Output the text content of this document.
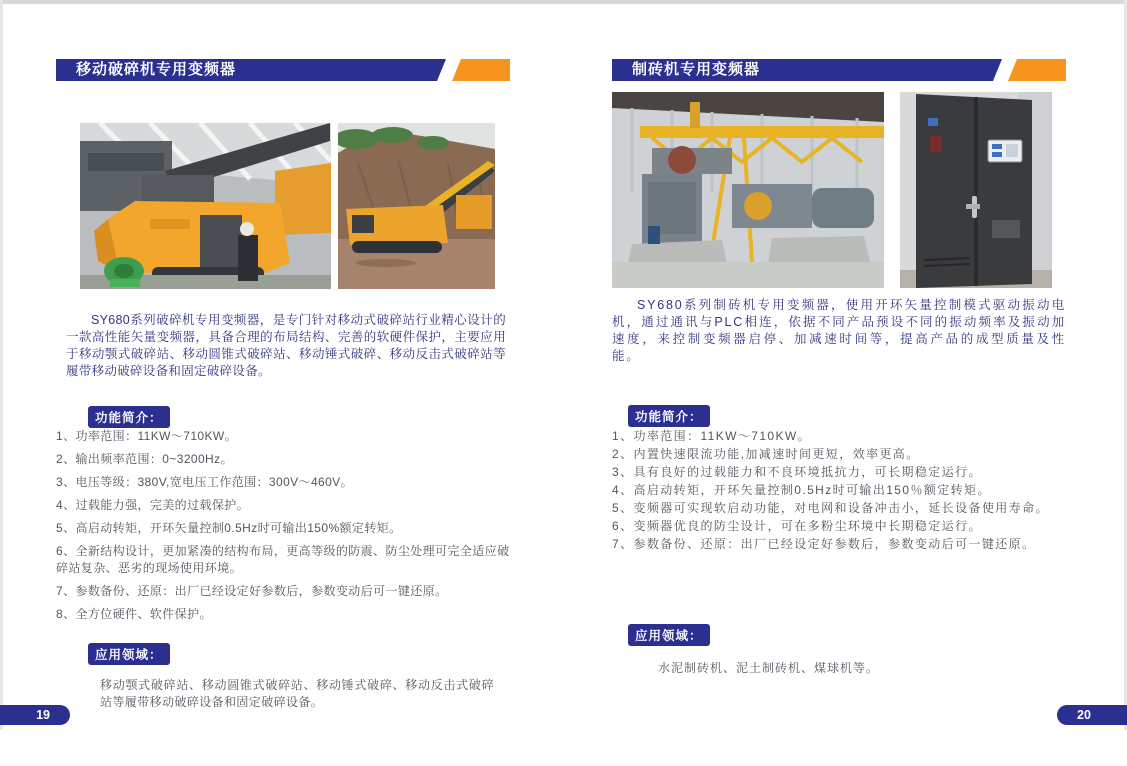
移动破碎机专用变频器

SY680系列破碎机专用变频器，是专门针对移动式破碎站行业精心设计的一款高性能矢量变频器，具备合理的布局结构、完善的软硬件保护，主要应用于移动颚式破碎站、移动圆锥式破碎站、移动锤式破碎、移动反击式破碎站等履带移动破碎设备和固定破碎设备。

功能简介：
1、功率范围：11KW～710KW。
2、输出频率范围：0~3200Hz。
3、电压等级：380V,宽电压工作范围：300V～460V。
4、过载能力强，完美的过载保护。
5、高启动转矩，开环矢量控制0.5Hz时可输出150%额定转矩。
6、全新结构设计，更加紧凑的结构布局，更高等级的防震、防尘处理可完全适应破碎站复杂、恶劣的现场使用环境。
7、参数备份、还原：出厂已经设定好参数后，参数变动后可一键还原。
8、全方位硬件、软件保护。
应用领域：

移动颚式破碎站、移动圆锥式破碎站、移动锤式破碎、移动反击式破碎站等履带移动破碎设备和固定破碎设备。

制砖机专用变频器

SY680系列制砖机专用变频器，使用开环矢量控制模式驱动振动电机，通过通讯与PLC相连，依据不同产品预设不同的振动频率及振动加速度，来控制变频器启停、加减速时间等，提高产品的成型质量及性能。

功能简介：
1、功率范围：11KW～710KW。
2、内置快速限流功能,加减速时间更短，效率更高。
3、具有良好的过载能力和不良环境抵抗力，可长期稳定运行。
4、高启动转矩，开环矢量控制0.5Hz时可输出150％额定转矩。
5、变频器可实现软启动功能，对电网和设备冲击小，延长设备使用寿命。
6、变频器优良的防尘设计，可在多粉尘环境中长期稳定运行。
7、参数备份、还原：出厂已经设定好参数后，参数变动后可一键还原。
应用领域：

水泥制砖机、泥土制砖机、煤球机等。

19	20
